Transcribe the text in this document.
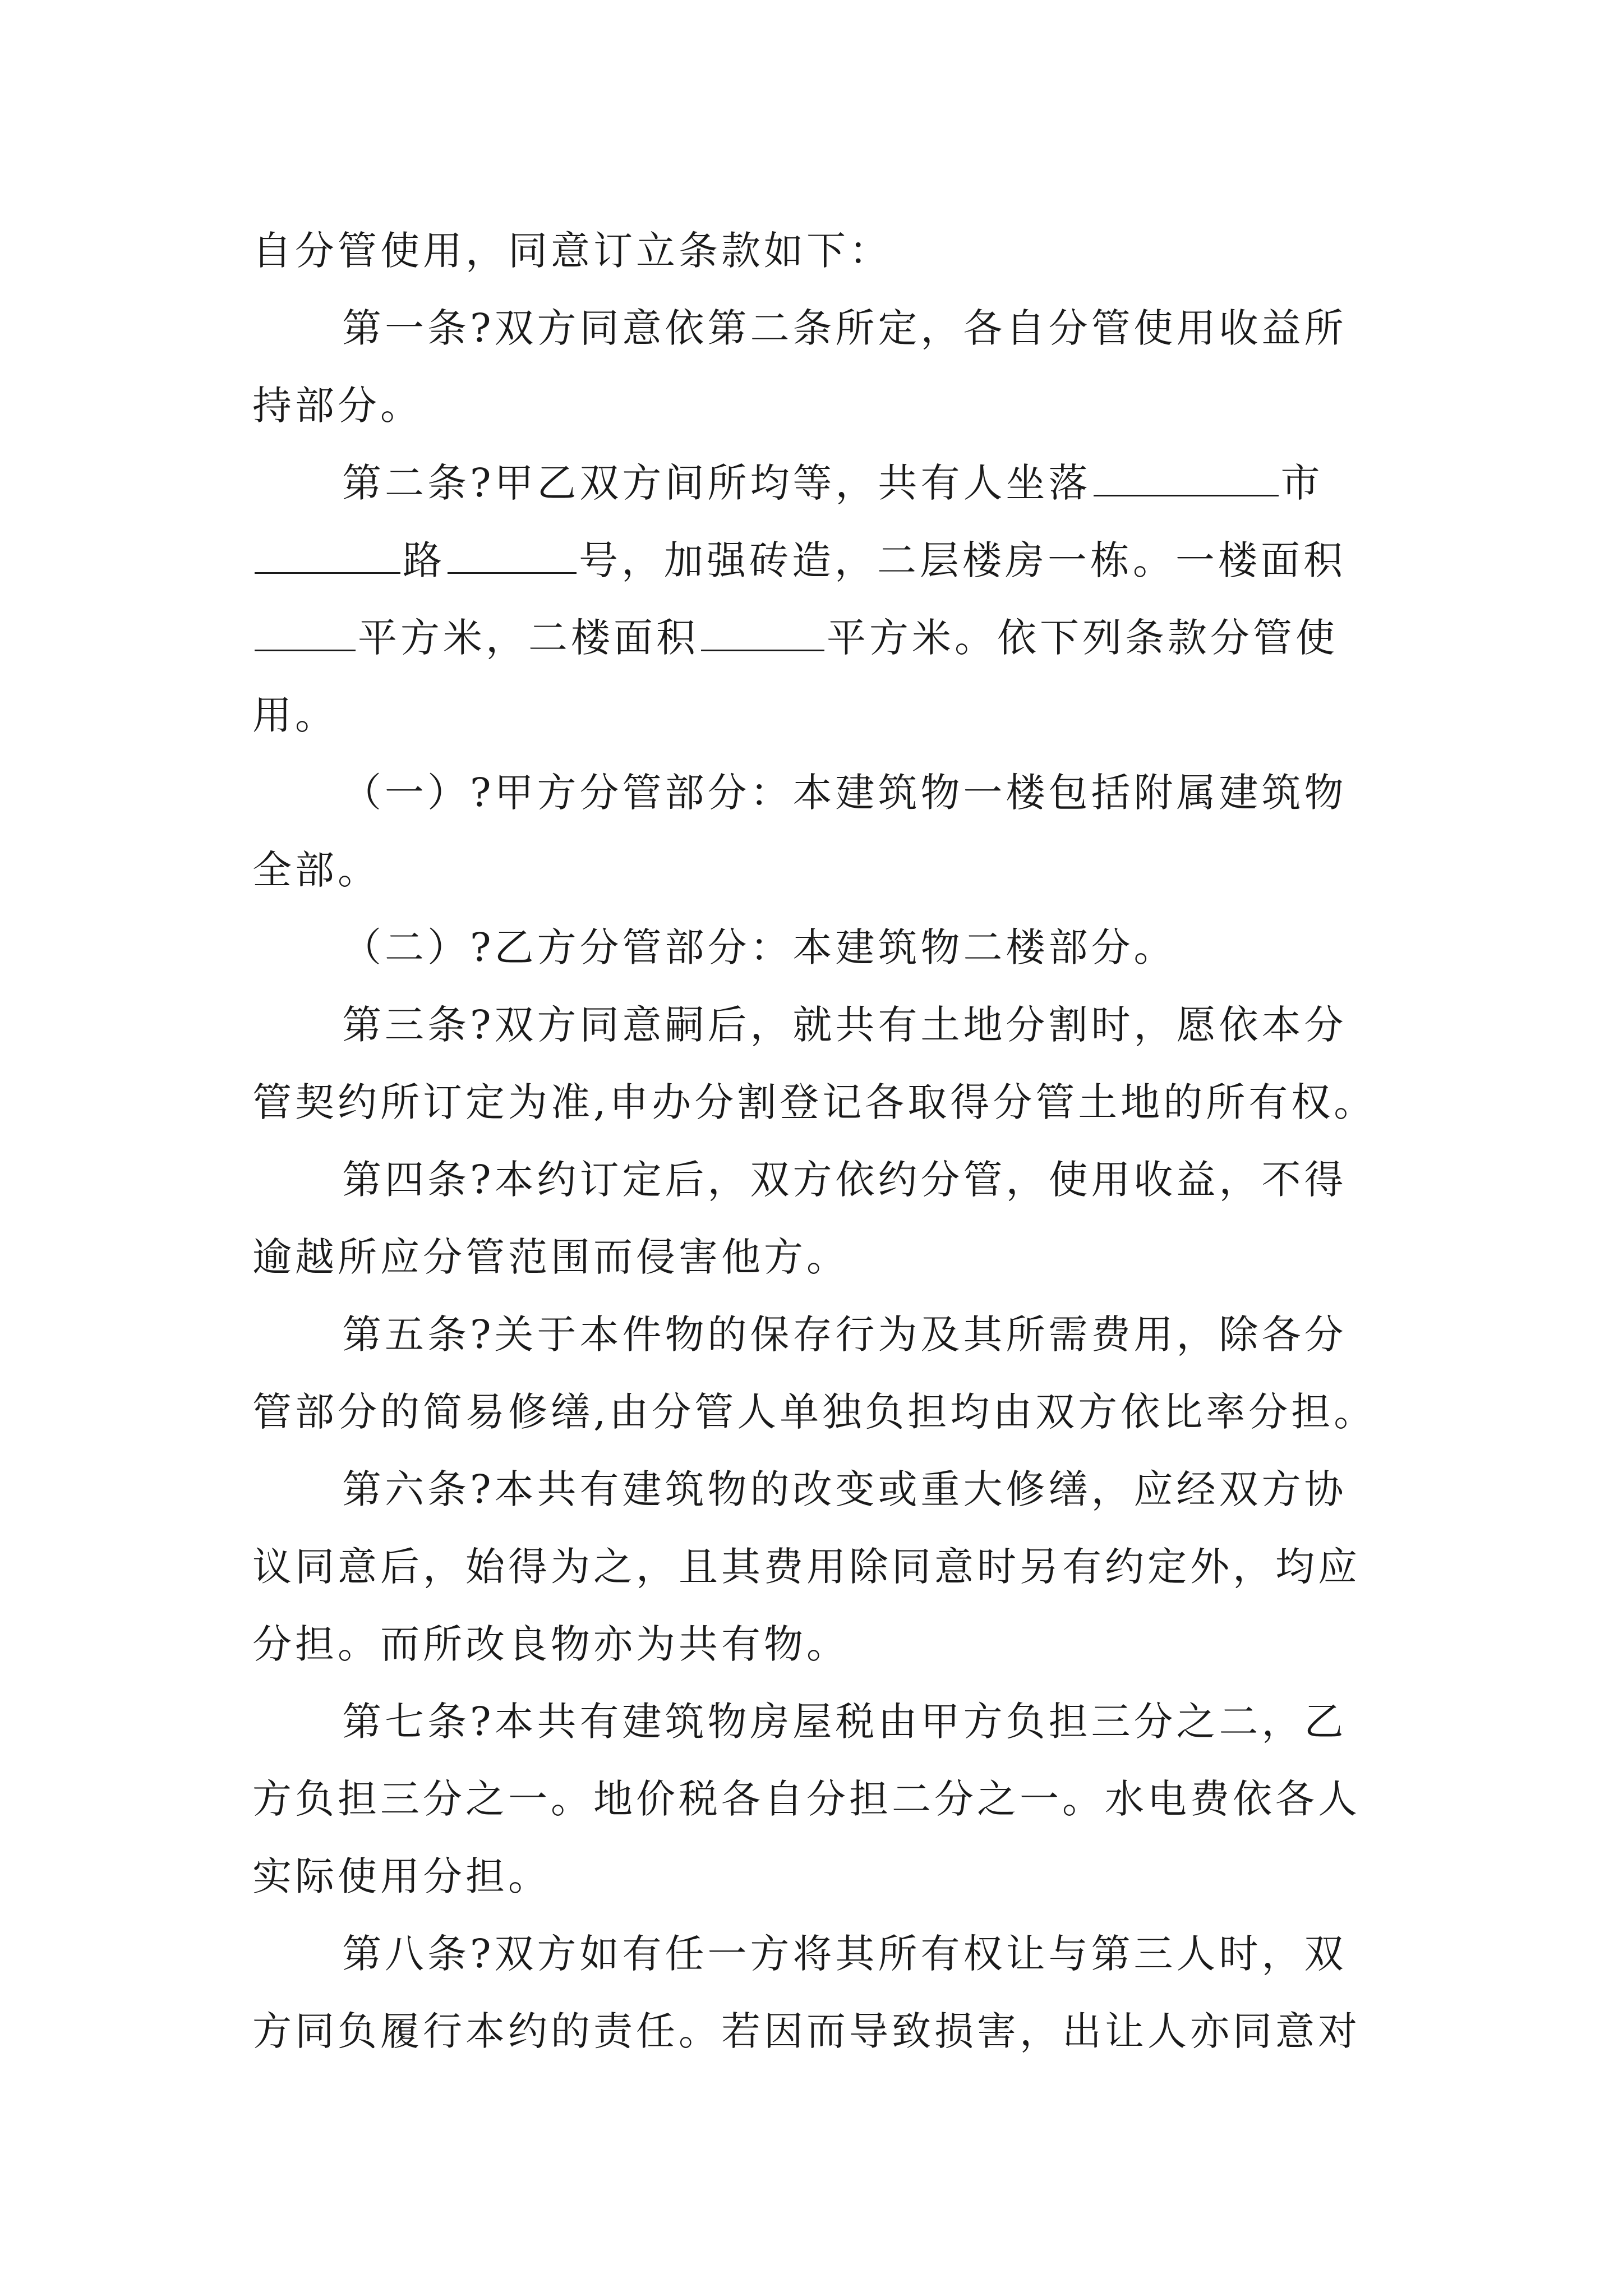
自分管使用，同意订立条款如下：
第一条?双方同意依第二条所定，各自分管使用收益所
持部分。
第二条?甲乙双方间所均等，共有人坐落	市
路	号，加强砖造，二层楼房一栋。一楼面积
平方米，二楼面积	平方米。依下列条款分管使
用。
（一）?甲方分管部分：本建筑物一楼包括附属建筑物
全部。
（二）?乙方分管部分：本建筑物二楼部分。
第三条?双方同意嗣后，就共有土地分割时，愿依本分
管契约所订定为准,申办分割登记各取得分管土地的所有权。
第四条?本约订定后，双方依约分管，使用收益，不得
逾越所应分管范围而侵害他方。
第五条?关于本件物的保存行为及其所需费用，除各分
管部分的简易修缮,由分管人单独负担均由双方依比率分担。
第六条?本共有建筑物的改变或重大修缮，应经双方协
议同意后，始得为之，且其费用除同意时另有约定外，均应
分担。而所改良物亦为共有物。
第七条?本共有建筑物房屋税由甲方负担三分之二，乙
方负担三分之一。地价税各自分担二分之一。水电费依各人
实际使用分担。
第八条?双方如有任一方将其所有权让与第三人时，双
方同负履行本约的责任。若因而导致损害，出让人亦同意对
